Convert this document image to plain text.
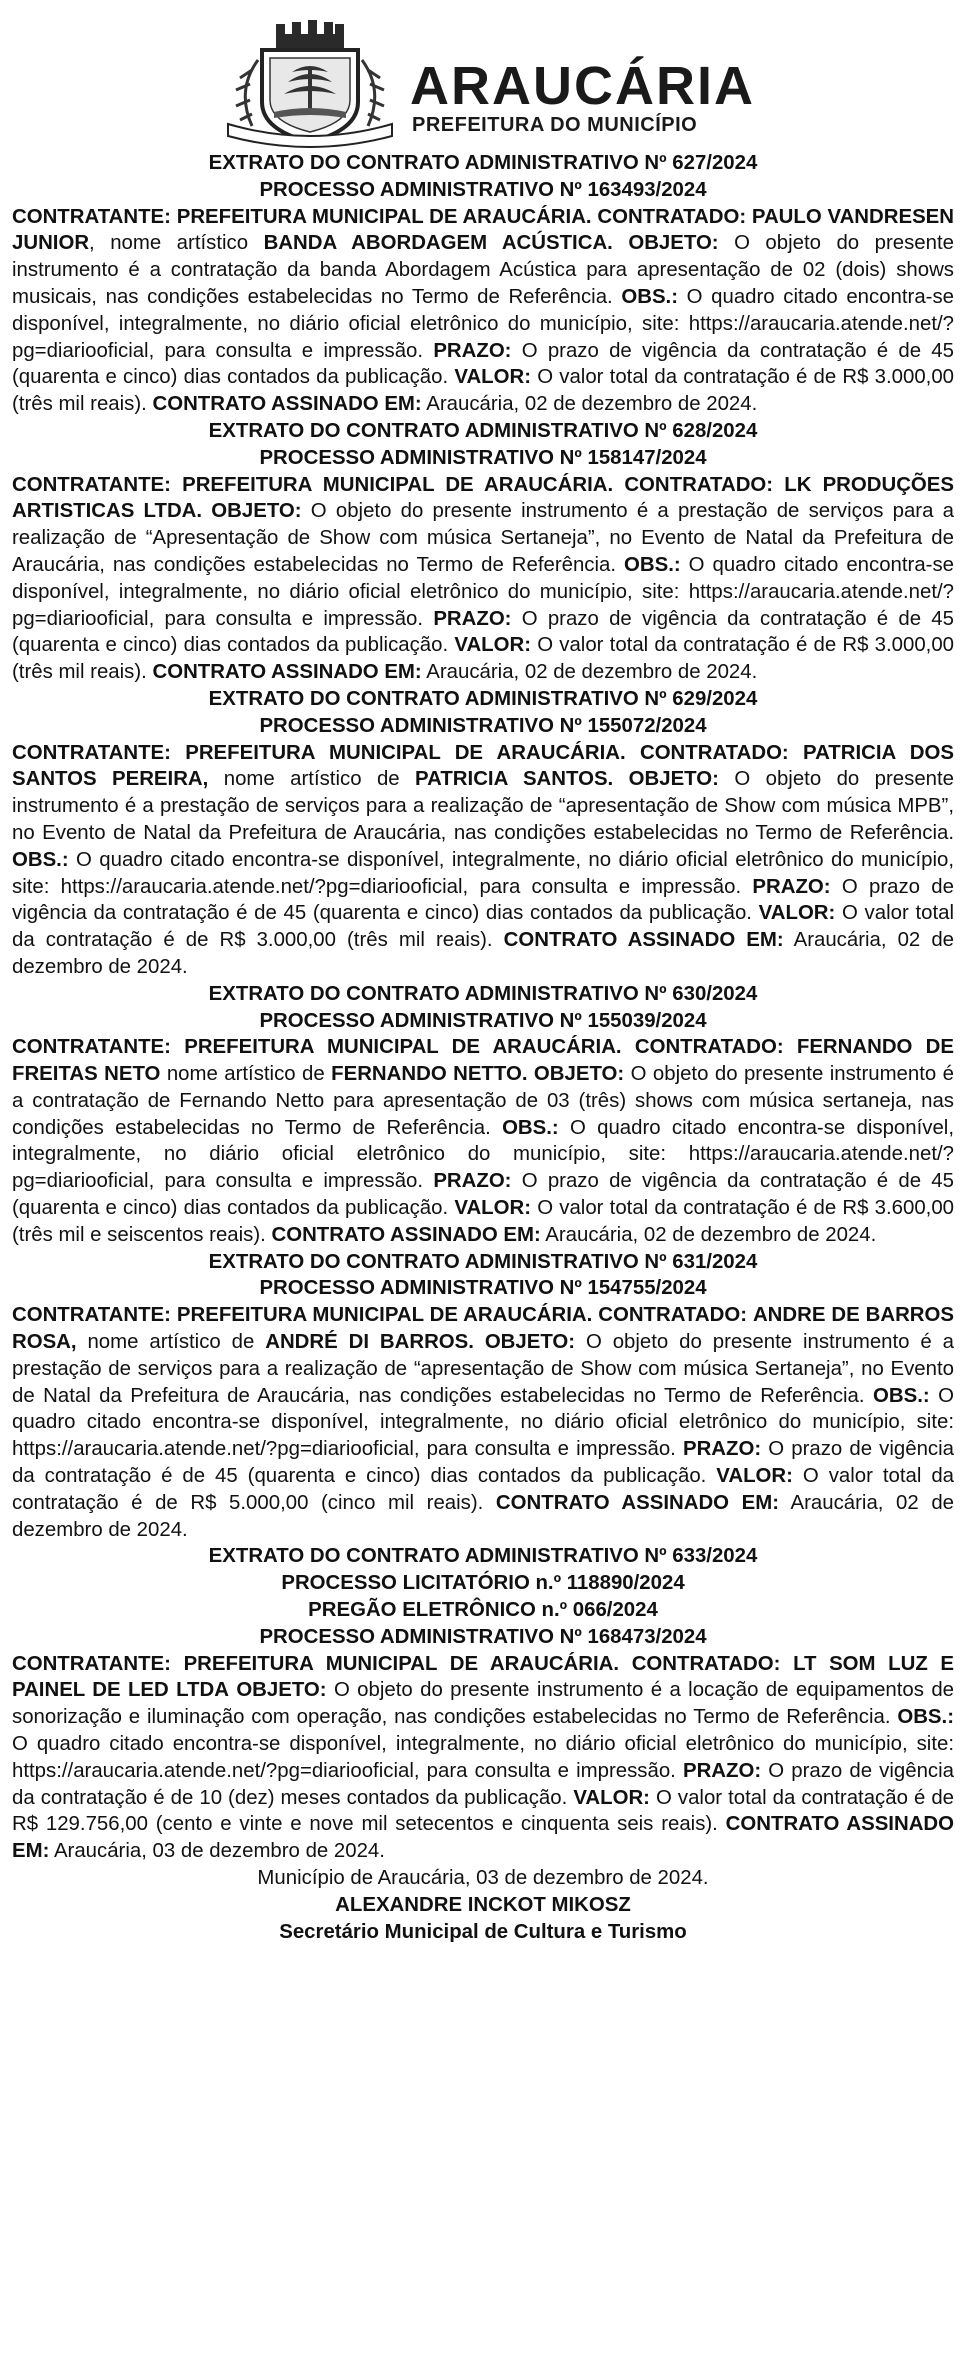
ARAUCÁRIA
PREFEITURA DO MUNICÍPIO
EXTRATO DO CONTRATO ADMINISTRATIVO Nº 627/2024
PROCESSO ADMINISTRATIVO Nº 163493/2024
CONTRATANTE: PREFEITURA MUNICIPAL DE ARAUCÁRIA. CONTRATADO: PAULO VANDRESEN JUNIOR, nome artístico BANDA ABORDAGEM ACÚSTICA. OBJETO: O objeto do presente instrumento é a contratação da banda Abordagem Acústica para apresentação de 02 (dois) shows musicais, nas condições estabelecidas no Termo de Referência. OBS.: O quadro citado encontra-se disponível, integralmente, no diário oficial eletrônico do município, site: https://araucaria.atende.net/?pg=diariooficial, para consulta e impressão. PRAZO: O prazo de vigência da contratação é de 45 (quarenta e cinco) dias contados da publicação. VALOR: O valor total da contratação é de R$ 3.000,00 (três mil reais). CONTRATO ASSINADO EM: Araucária, 02 de dezembro de 2024.
EXTRATO DO CONTRATO ADMINISTRATIVO Nº 628/2024
PROCESSO ADMINISTRATIVO Nº 158147/2024
CONTRATANTE: PREFEITURA MUNICIPAL DE ARAUCÁRIA. CONTRATADO: LK PRODUÇÕES ARTISTICAS LTDA. OBJETO: O objeto do presente instrumento é a prestação de serviços para a realização de “Apresentação de Show com música Sertaneja”, no Evento de Natal da Prefeitura de Araucária, nas condições estabelecidas no Termo de Referência. OBS.: O quadro citado encontra-se disponível, integralmente, no diário oficial eletrônico do município, site: https://araucaria.atende.net/?pg=diariooficial, para consulta e impressão. PRAZO: O prazo de vigência da contratação é de 45 (quarenta e cinco) dias contados da publicação. VALOR: O valor total da contratação é de R$ 3.000,00 (três mil reais). CONTRATO ASSINADO EM: Araucária, 02 de dezembro de 2024.
EXTRATO DO CONTRATO ADMINISTRATIVO Nº 629/2024
PROCESSO ADMINISTRATIVO Nº 155072/2024
CONTRATANTE: PREFEITURA MUNICIPAL DE ARAUCÁRIA. CONTRATADO: PATRICIA DOS SANTOS PEREIRA, nome artístico de PATRICIA SANTOS. OBJETO: O objeto do presente instrumento é a prestação de serviços para a realização de “apresentação de Show com música MPB”, no Evento de Natal da Prefeitura de Araucária, nas condições estabelecidas no Termo de Referência. OBS.: O quadro citado encontra-se disponível, integralmente, no diário oficial eletrônico do município, site: https://araucaria.atende.net/?pg=diariooficial, para consulta e impressão. PRAZO: O prazo de vigência da contratação é de 45 (quarenta e cinco) dias contados da publicação. VALOR: O valor total da contratação é de R$ 3.000,00 (três mil reais). CONTRATO ASSINADO EM: Araucária, 02 de dezembro de 2024.
EXTRATO DO CONTRATO ADMINISTRATIVO Nº 630/2024
PROCESSO ADMINISTRATIVO Nº 155039/2024
CONTRATANTE: PREFEITURA MUNICIPAL DE ARAUCÁRIA. CONTRATADO: FERNANDO DE FREITAS NETO nome artístico de FERNANDO NETTO. OBJETO: O objeto do presente instrumento é a contratação de Fernando Netto para apresentação de 03 (três) shows com música sertaneja, nas condições estabelecidas no Termo de Referência. OBS.: O quadro citado encontra-se disponível, integralmente, no diário oficial eletrônico do município, site: https://araucaria.atende.net/?pg=diariooficial, para consulta e impressão. PRAZO: O prazo de vigência da contratação é de 45 (quarenta e cinco) dias contados da publicação. VALOR: O valor total da contratação é de R$ 3.600,00 (três mil e seiscentos reais). CONTRATO ASSINADO EM: Araucária, 02 de dezembro de 2024.
EXTRATO DO CONTRATO ADMINISTRATIVO Nº 631/2024
PROCESSO ADMINISTRATIVO Nº 154755/2024
CONTRATANTE: PREFEITURA MUNICIPAL DE ARAUCÁRIA. CONTRATADO: ANDRE DE BARROS ROSA, nome artístico de ANDRÉ DI BARROS. OBJETO: O objeto do presente instrumento é a prestação de serviços para a realização de “apresentação de Show com música Sertaneja”, no Evento de Natal da Prefeitura de Araucária, nas condições estabelecidas no Termo de Referência. OBS.: O quadro citado encontra-se disponível, integralmente, no diário oficial eletrônico do município, site: https://araucaria.atende.net/?pg=diariooficial, para consulta e impressão. PRAZO: O prazo de vigência da contratação é de 45 (quarenta e cinco) dias contados da publicação. VALOR: O valor total da contratação é de R$ 5.000,00 (cinco mil reais). CONTRATO ASSINADO EM: Araucária, 02 de dezembro de 2024.
EXTRATO DO CONTRATO ADMINISTRATIVO Nº 633/2024
PROCESSO LICITATÓRIO n.º 118890/2024
PREGÃO ELETRÔNICO n.º 066/2024
PROCESSO ADMINISTRATIVO Nº 168473/2024
CONTRATANTE: PREFEITURA MUNICIPAL DE ARAUCÁRIA. CONTRATADO: LT SOM LUZ E PAINEL DE LED LTDA OBJETO: O objeto do presente instrumento é a locação de equipamentos de sonorização e iluminação com operação, nas condições estabelecidas no Termo de Referência. OBS.: O quadro citado encontra-se disponível, integralmente, no diário oficial eletrônico do município, site: https://araucaria.atende.net/?pg=diariooficial, para consulta e impressão. PRAZO: O prazo de vigência da contratação é de 10 (dez) meses contados da publicação. VALOR: O valor total da contratação é de R$ 129.756,00 (cento e vinte e nove mil setecentos e cinquenta seis reais). CONTRATO ASSINADO EM: Araucária, 03 de dezembro de 2024.
Município de Araucária, 03 de dezembro de 2024.
ALEXANDRE INCKOT MIKOSZ
Secretário Municipal de Cultura e Turismo
